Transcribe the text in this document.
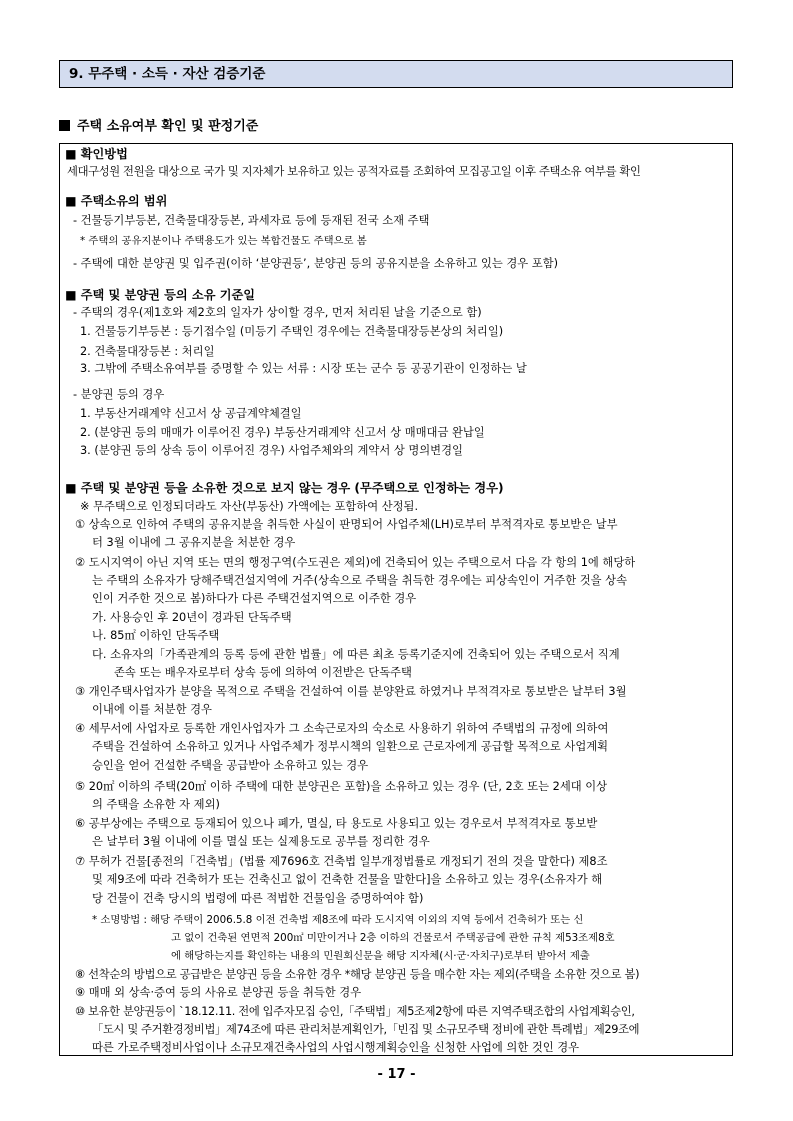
9. 무주택 · 소득 · 자산 검증기준
주택 소유여부 확인 및 판정기준
■ 확인방법
세대구성원 전원을 대상으로 국가 및 지자체가 보유하고 있는 공적자료를 조회하여 모집공고일 이후 주택소유 여부를 확인
■ 주택소유의 범위
- 건물등기부등본, 건축물대장등본, 과세자료 등에 등재된 전국 소재 주택
* 주택의 공유지분이나 주택용도가 있는 복합건물도 주택으로 봄
- 주택에 대한 분양권 및 입주권(이하 ‘분양권등’, 분양권 등의 공유지분을 소유하고 있는 경우 포함)
■ 주택 및 분양권 등의 소유 기준일
- 주택의 경우(제1호와 제2호의 일자가 상이할 경우, 먼저 처리된 날을 기준으로 함)
1. 건물등기부등본 : 등기접수일 (미등기 주택인 경우에는 건축물대장등본상의 처리일)
2. 건축물대장등본 : 처리일
3. 그밖에 주택소유여부를 증명할 수 있는 서류 : 시장 또는 군수 등 공공기관이 인정하는 날
- 분양권 등의 경우
1. 부동산거래계약 신고서 상 공급계약체결일
2. (분양권 등의 매매가 이루어진 경우) 부동산거래계약 신고서 상 매매대금 완납일
3. (분양권 등의 상속 등이 이루어진 경우) 사업주체와의 계약서 상 명의변경일
■ 주택 및 분양권 등을 소유한 것으로 보지 않는 경우 (무주택으로 인정하는 경우)
※ 무주택으로 인정되더라도 자산(부동산) 가액에는 포함하여 산정됨.
① 상속으로 인하여 주택의 공유지분을 취득한 사실이 판명되어 사업주체(LH)로부터 부적격자로 통보받은 날부
터 3월 이내에 그 공유지분을 처분한 경우
② 도시지역이 아닌 지역 또는 면의 행정구역(수도권은 제외)에 건축되어 있는 주택으로서 다음 각 항의 1에 해당하
는 주택의 소유자가 당해주택건설지역에 거주(상속으로 주택을 취득한 경우에는 피상속인이 거주한 것을 상속
인이 거주한 것으로 봄)하다가 다른 주택건설지역으로 이주한 경우
가. 사용승인 후 20년이 경과된 단독주택
나. 85㎡ 이하인 단독주택
다. 소유자의「가족관계의 등록 등에 관한 법률」에 따른 최초 등록기준지에 건축되어 있는 주택으로서 직계
존속 또는 배우자로부터 상속 등에 의하여 이전받은 단독주택
③ 개인주택사업자가 분양을 목적으로 주택을 건설하여 이를 분양완료 하였거나 부적격자로 통보받은 날부터 3월
이내에 이를 처분한 경우
④ 세무서에 사업자로 등록한 개인사업자가 그 소속근로자의 숙소로 사용하기 위하여 주택법의 규정에 의하여
주택을 건설하여 소유하고 있거나 사업주체가 정부시책의 일환으로 근로자에게 공급할 목적으로 사업계획
승인을 얻어 건설한 주택을 공급받아 소유하고 있는 경우
⑤ 20㎡ 이하의 주택(20㎡ 이하 주택에 대한 분양권은 포함)을 소유하고 있는 경우 (단, 2호 또는 2세대 이상
의 주택을 소유한 자 제외)
⑥ 공부상에는 주택으로 등재되어 있으나 폐가, 멸실, 타 용도로 사용되고 있는 경우로서 부적격자로 통보받
은 날부터 3월 이내에 이를 멸실 또는 실제용도로 공부를 정리한 경우
⑦ 무허가 건물[종전의「건축법」(법률 제7696호 건축법 일부개정법률로 개정되기 전의 것을 말한다) 제8조
및 제9조에 따라 건축허가 또는 건축신고 없이 건축한 건물을 말한다]을 소유하고 있는 경우(소유자가 해
당 건물이 건축 당시의 법령에 따른 적법한 건물임을 증명하여야 함)
* 소명방법 : 해당 주택이 2006.5.8 이전 건축법 제8조에 따라 도시지역 이외의 지역 등에서 건축허가 또는 신
고 없이 건축된 연면적 200㎡ 미만이거나 2층 이하의 건물로서 주택공급에 관한 규칙 제53조제8호
에 해당하는지를 확인하는 내용의 민원회신문을 해당 지자체(시·군·자치구)로부터 받아서 제출
⑧ 선착순의 방법으로 공급받은 분양권 등을 소유한 경우 *해당 분양권 등을 매수한 자는 제외(주택을 소유한 것으로 봄)
⑨ 매매 외 상속·증여 등의 사유로 분양권 등을 취득한 경우
⑩ 보유한 분양권등이 `18.12.11. 전에 입주자모집 승인,「주택법」제5조제2항에 따른 지역주택조합의 사업계획승인,
「도시 및 주거환경정비법」제74조에 따른 관리처분계획인가,「빈집 및 소규모주택 정비에 관한 특례법」제29조에
따른 가로주택정비사업이나 소규모재건축사업의 사업시행계획승인을 신청한 사업에 의한 것인 경우
- 17 -
